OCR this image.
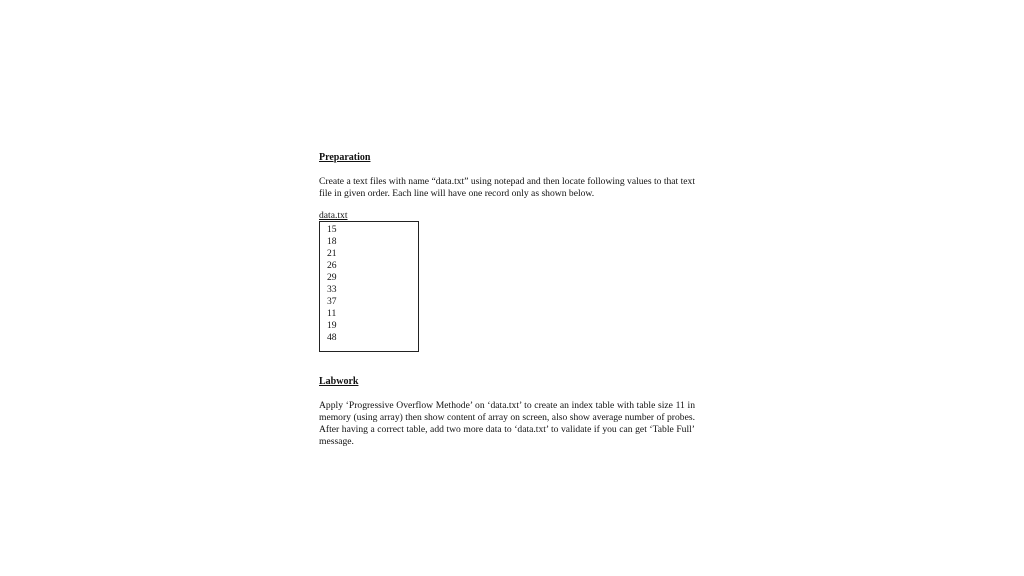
Preparation

Create a text files with name “data.txt” using notepad and then locate following values to that text file in given order. Each line will have one record only as shown below.

data.txt
15
18
21
26
29
33
37
11
19
48

Labwork

Apply ‘Progressive Overflow Methode’ on ‘data.txt’ to create an index table with table size 11 in memory (using array) then show content of array on screen, also show average number of probes. After having a correct table, add two more data to ‘data.txt’ to validate if you can get ‘Table Full’ message.
